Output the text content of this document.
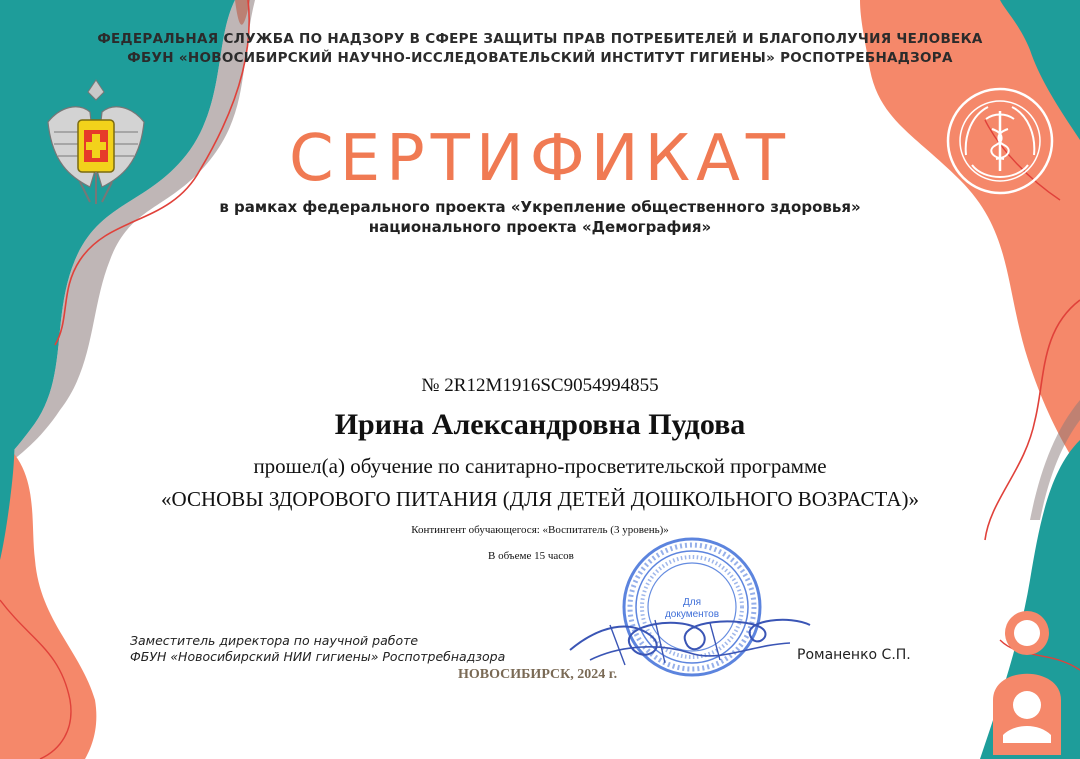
ФЕДЕРАЛЬНАЯ СЛУЖБА ПО НАДЗОРУ В СФЕРЕ ЗАЩИТЫ ПРАВ ПОТРЕБИТЕЛЕЙ И БЛАГОПОЛУЧИЯ ЧЕЛОВЕКА
ФБУН «НОВОСИБИРСКИЙ НАУЧНО-ИССЛЕДОВАТЕЛЬСКИЙ ИНСТИТУТ ГИГИЕНЫ» РОСПОТРЕБНАДЗОРА
СЕРТИФИКАТ
в рамках федерального проекта «Укрепление общественного здоровья»
национального проекта «Демография»
№ 2R12M1916SC9054994855
Ирина Александровна Пудова
прошел(а) обучение по санитарно-просветительской программе
«ОСНОВЫ ЗДОРОВОГО ПИТАНИЯ (ДЛЯ ДЕТЕЙ ДОШКОЛЬНОГО ВОЗРАСТА)»
Контингент обучающегося: «Воспитатель (3 уровень)»
В объеме 15 часов
Для документов
Заместитель директора по научной работе
ФБУН «Новосибирский НИИ гигиены» Роспотребнадзора	Романенко С.П.
НОВОСИБИРСК, 2024 г.
